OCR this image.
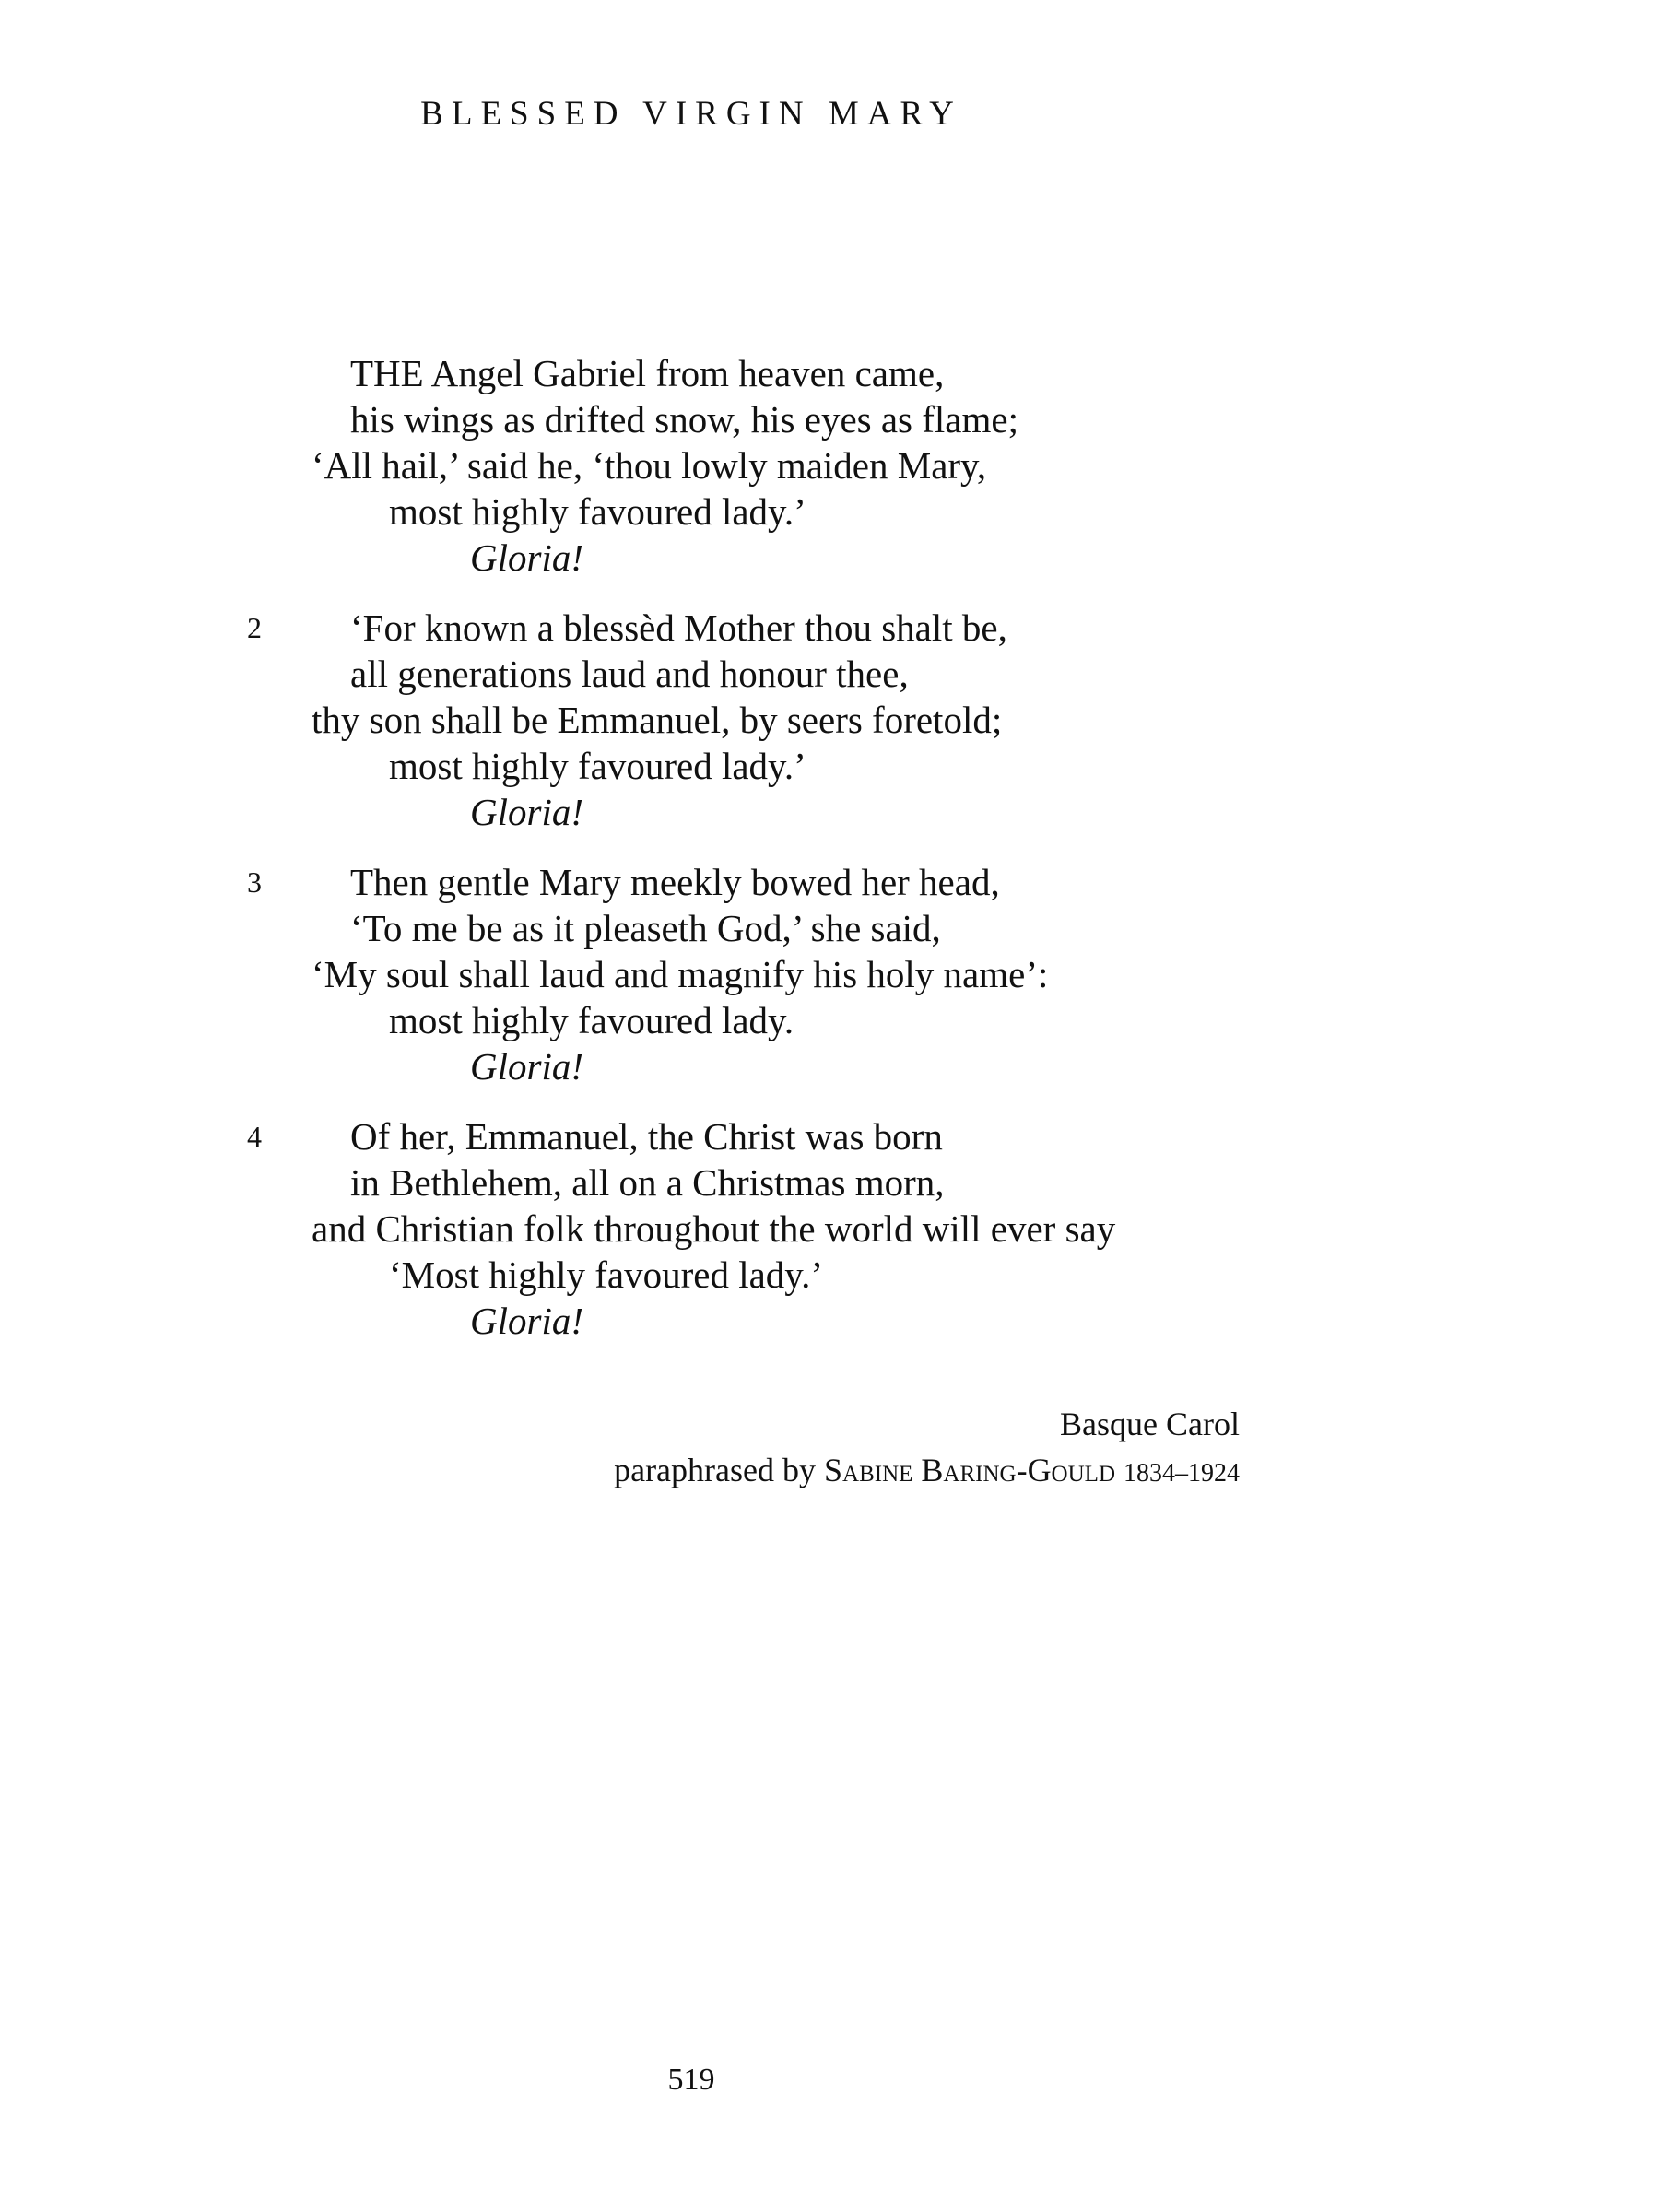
BLESSED VIRGIN MARY
THE Angel Gabriel from heaven came,
his wings as drifted snow, his eyes as flame;
‘All hail,’ said he, ‘thou lowly maiden Mary,
most highly favoured lady.’
Gloria!
2	‘For known a blessèd Mother thou shalt be,
all generations laud and honour thee,
thy son shall be Emmanuel, by seers foretold;
most highly favoured lady.’
Gloria!
3	Then gentle Mary meekly bowed her head,
‘To me be as it pleaseth God,’ she said,
‘My soul shall laud and magnify his holy name’:
most highly favoured lady.
Gloria!
4	Of her, Emmanuel, the Christ was born
in Bethlehem, all on a Christmas morn,
and Christian folk throughout the world will ever say
‘Most highly favoured lady.’
Gloria!
Basque Carol
paraphrased by Sabine Baring-Gould 1834–1924
519
